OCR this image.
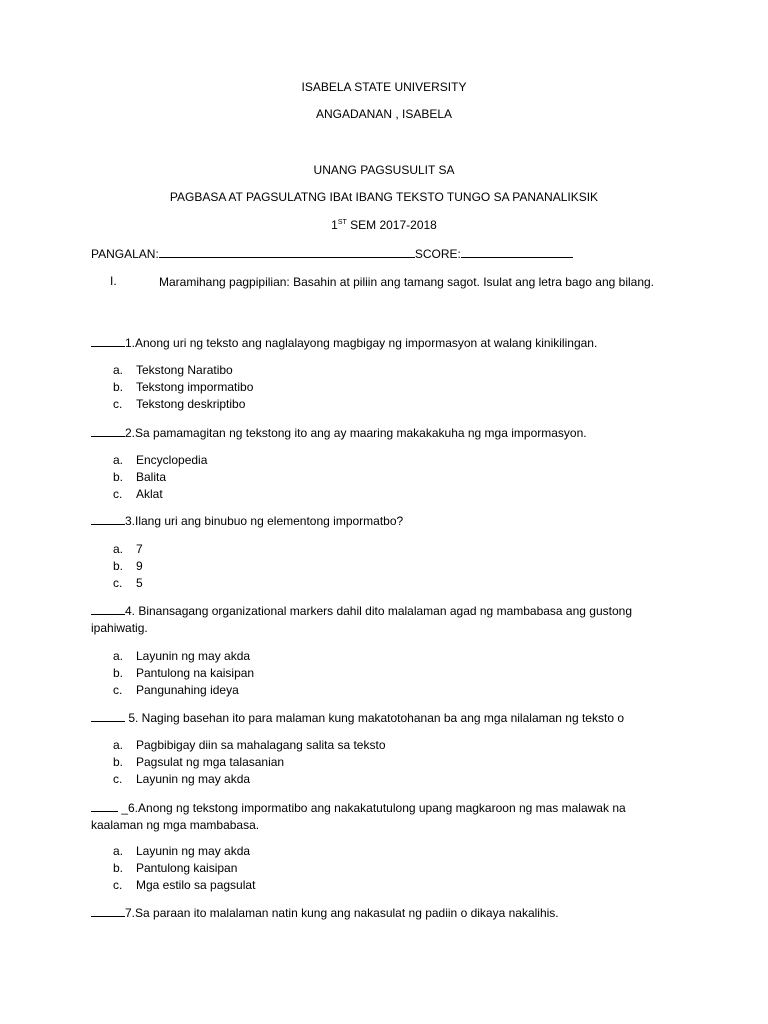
ISABELA STATE UNIVERSITY
ANGADANAN , ISABELA
UNANG PAGSUSULIT SA
PAGBASA AT PAGSULATNG IBAt IBANG TEKSTO TUNGO SA PANANALIKSIK
1ST SEM 2017-2018
PANGALAN:	SCORE:
I.	Maramihang pagpipilian: Basahin at piliin ang tamang sagot. Isulat ang letra bago ang bilang.
1.Anong uri ng teksto ang naglalayong magbigay ng impormasyon at walang kinikilingan.
a. Tekstong Naratibo
b. Tekstong impormatibo
c. Tekstong deskriptibo
2.Sa pamamagitan ng tekstong ito ang ay maaring makakakuha ng mga impormasyon.
a. Encyclopedia
b. Balita
c. Aklat
3.Ilang uri ang binubuo ng elementong impormatbo?
a. 7
b. 9
c. 5
4. Binansagang organizational markers dahil dito malalaman agad ng mambabasa ang gustong ipahiwatig.
a. Layunin ng may akda
b. Pantulong na kaisipan
c. Pangunahing ideya
5. Naging basehan ito para malaman kung makatotohanan ba ang mga nilalaman ng teksto o
a. Pagbibigay diin sa mahalagang salita sa teksto
b. Pagsulat ng mga talasanian
c. Layunin ng may akda
_6.Anong ng tekstong impormatibo ang nakakatutulong upang magkaroon ng mas malawak na kaalaman ng mga mambabasa.
a. Layunin ng may akda
b. Pantulong kaisipan
c. Mga estilo sa pagsulat
7.Sa paraan ito malalaman natin kung ang nakasulat ng padiin o dikaya nakalihis.
